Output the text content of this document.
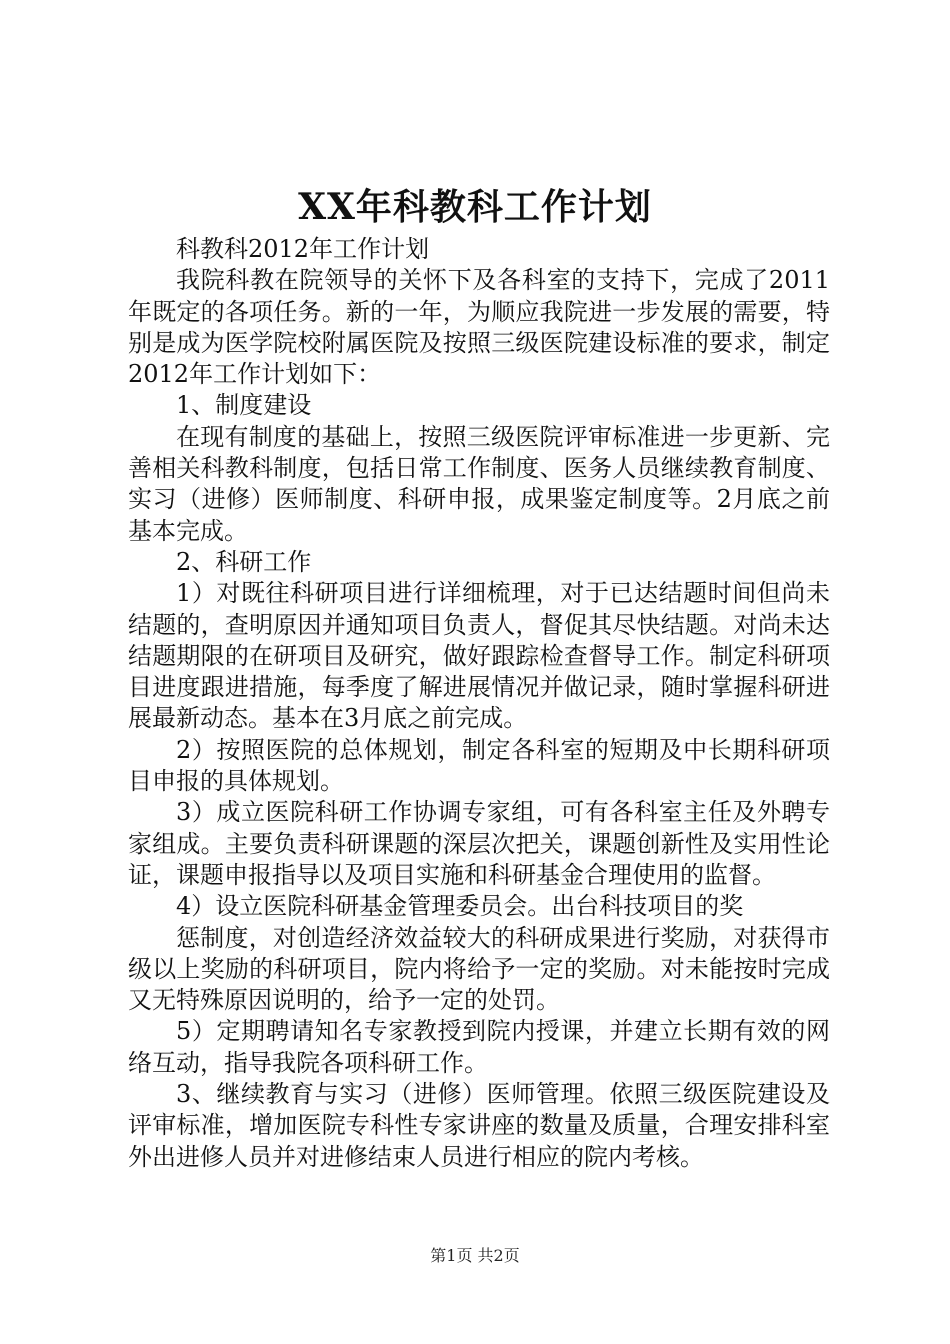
XX年科教科工作计划

科教科2012年工作计划

我院科教在院领导的关怀下及各科室的支持下，完成了2011年既定的各项任务。新的一年，为顺应我院进一步发展的需要，特别是成为医学院校附属医院及按照三级医院建设标准的要求，制定2012年工作计划如下：

1、制度建设

在现有制度的基础上，按照三级医院评审标准进一步更新、完善相关科教科制度，包括日常工作制度、医务人员继续教育制度、实习（进修）医师制度、科研申报，成果鉴定制度等。2月底之前基本完成。

2、科研工作

1）对既往科研项目进行详细梳理，对于已达结题时间但尚未结题的，查明原因并通知项目负责人，督促其尽快结题。对尚未达结题期限的在研项目及研究，做好跟踪检查督导工作。制定科研项目进度跟进措施，每季度了解进展情况并做记录，随时掌握科研进展最新动态。基本在3月底之前完成。

2）按照医院的总体规划，制定各科室的短期及中长期科研项目申报的具体规划。

3）成立医院科研工作协调专家组，可有各科室主任及外聘专家组成。主要负责科研课题的深层次把关，课题创新性及实用性论证，课题申报指导以及项目实施和科研基金合理使用的监督。

4）设立医院科研基金管理委员会。出台科技项目的奖

惩制度，对创造经济效益较大的科研成果进行奖励，对获得市级以上奖励的科研项目，院内将给予一定的奖励。对未能按时完成又无特殊原因说明的，给予一定的处罚。

5）定期聘请知名专家教授到院内授课，并建立长期有效的网络互动，指导我院各项科研工作。

3、继续教育与实习（进修）医师管理。依照三级医院建设及评审标准，增加医院专科性专家讲座的数量及质量，合理安排科室外出进修人员并对进修结束人员进行相应的院内考核。

第1页 共2页
